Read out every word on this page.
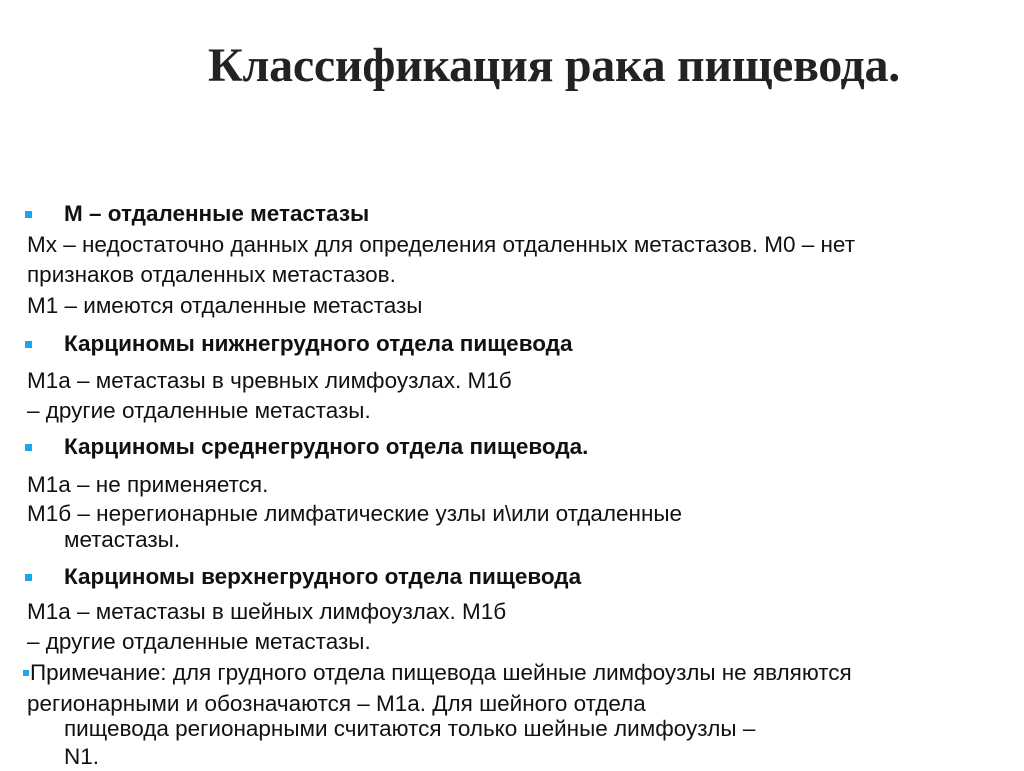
Классификация рака пищевода.
М – отдаленные метастазы
Мх – недостаточно данных для определения отдаленных метастазов. М0 – нет
признаков отдаленных метастазов.
М1 – имеются отдаленные метастазы
Карциномы нижнегрудного отдела пищевода
М1а – метастазы в чревных лимфоузлах. М1б
– другие отдаленные метастазы.
Карциномы среднегрудного отдела пищевода.
М1а – не применяется.
М1б – нерегионарные лимфатические узлы и\или отдаленные
метастазы.
Карциномы верхнегрудного отдела пищевода
М1а – метастазы в шейных лимфоузлах. М1б
– другие отдаленные метастазы.
Примечание: для грудного отдела пищевода шейные лимфоузлы не являются
регионарными и обозначаются – М1а. Для шейного отдела
пищевода регионарными считаются только шейные лимфоузлы –
N1.
